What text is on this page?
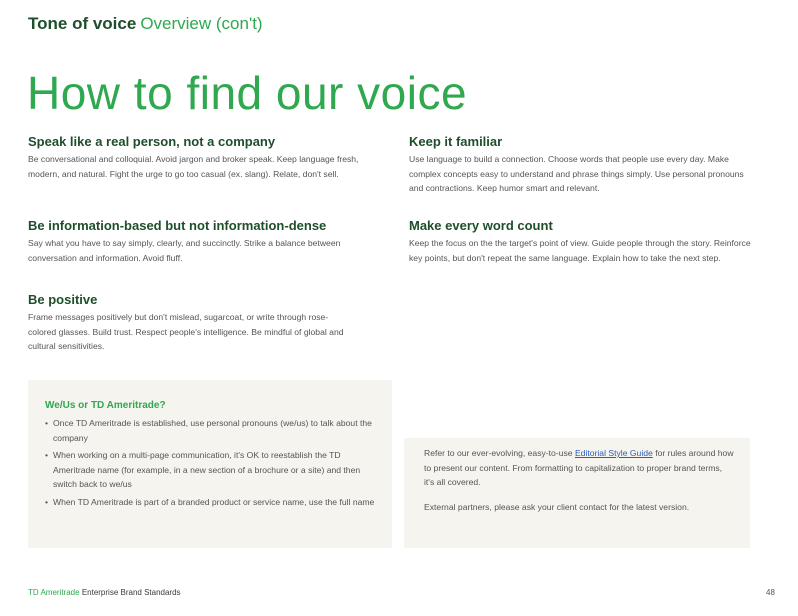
Tone of voice Overview (con't)
How to find our voice
Speak like a real person, not a company

Be conversational and colloquial. Avoid jargon and broker speak. Keep language fresh, modern, and natural. Fight the urge to go too casual (ex. slang). Relate, don't sell.

Be information-based but not information-dense

Say what you have to say simply, clearly, and succinctly. Strike a balance between conversation and information. Avoid fluff.

Be positive

Frame messages positively but don't mislead, sugarcoat, or write through rose-colored glasses. Build trust. Respect people's intelligence. Be mindful of global and cultural sensitivities.

Keep it familiar

Use language to build a connection. Choose words that people use every day. Make complex concepts easy to understand and phrase things simply. Use personal pronouns and contractions. Keep humor smart and relevant.

Make every word count

Keep the focus on the the target's point of view. Guide people through the story. Reinforce key points, but don't repeat the same language. Explain how to take the next step.

We/Us or TD Ameritrade?
• Once TD Ameritrade is established, use personal pronouns (we/us) to talk about the company
• When working on a multi-page communication, it's OK to reestablish the TD Ameritrade name (for example, in a new section of a brochure or a site) and then switch back to we/us
• When TD Ameritrade is part of a branded product or service name, use the full name

Refer to our ever-evolving, easy-to-use Editorial Style Guide for rules around how to present our content. From formatting to capitalization to proper brand terms, it's all covered.

External partners, please ask your client contact for the latest version.

TD Ameritrade Enterprise Brand Standards	48
